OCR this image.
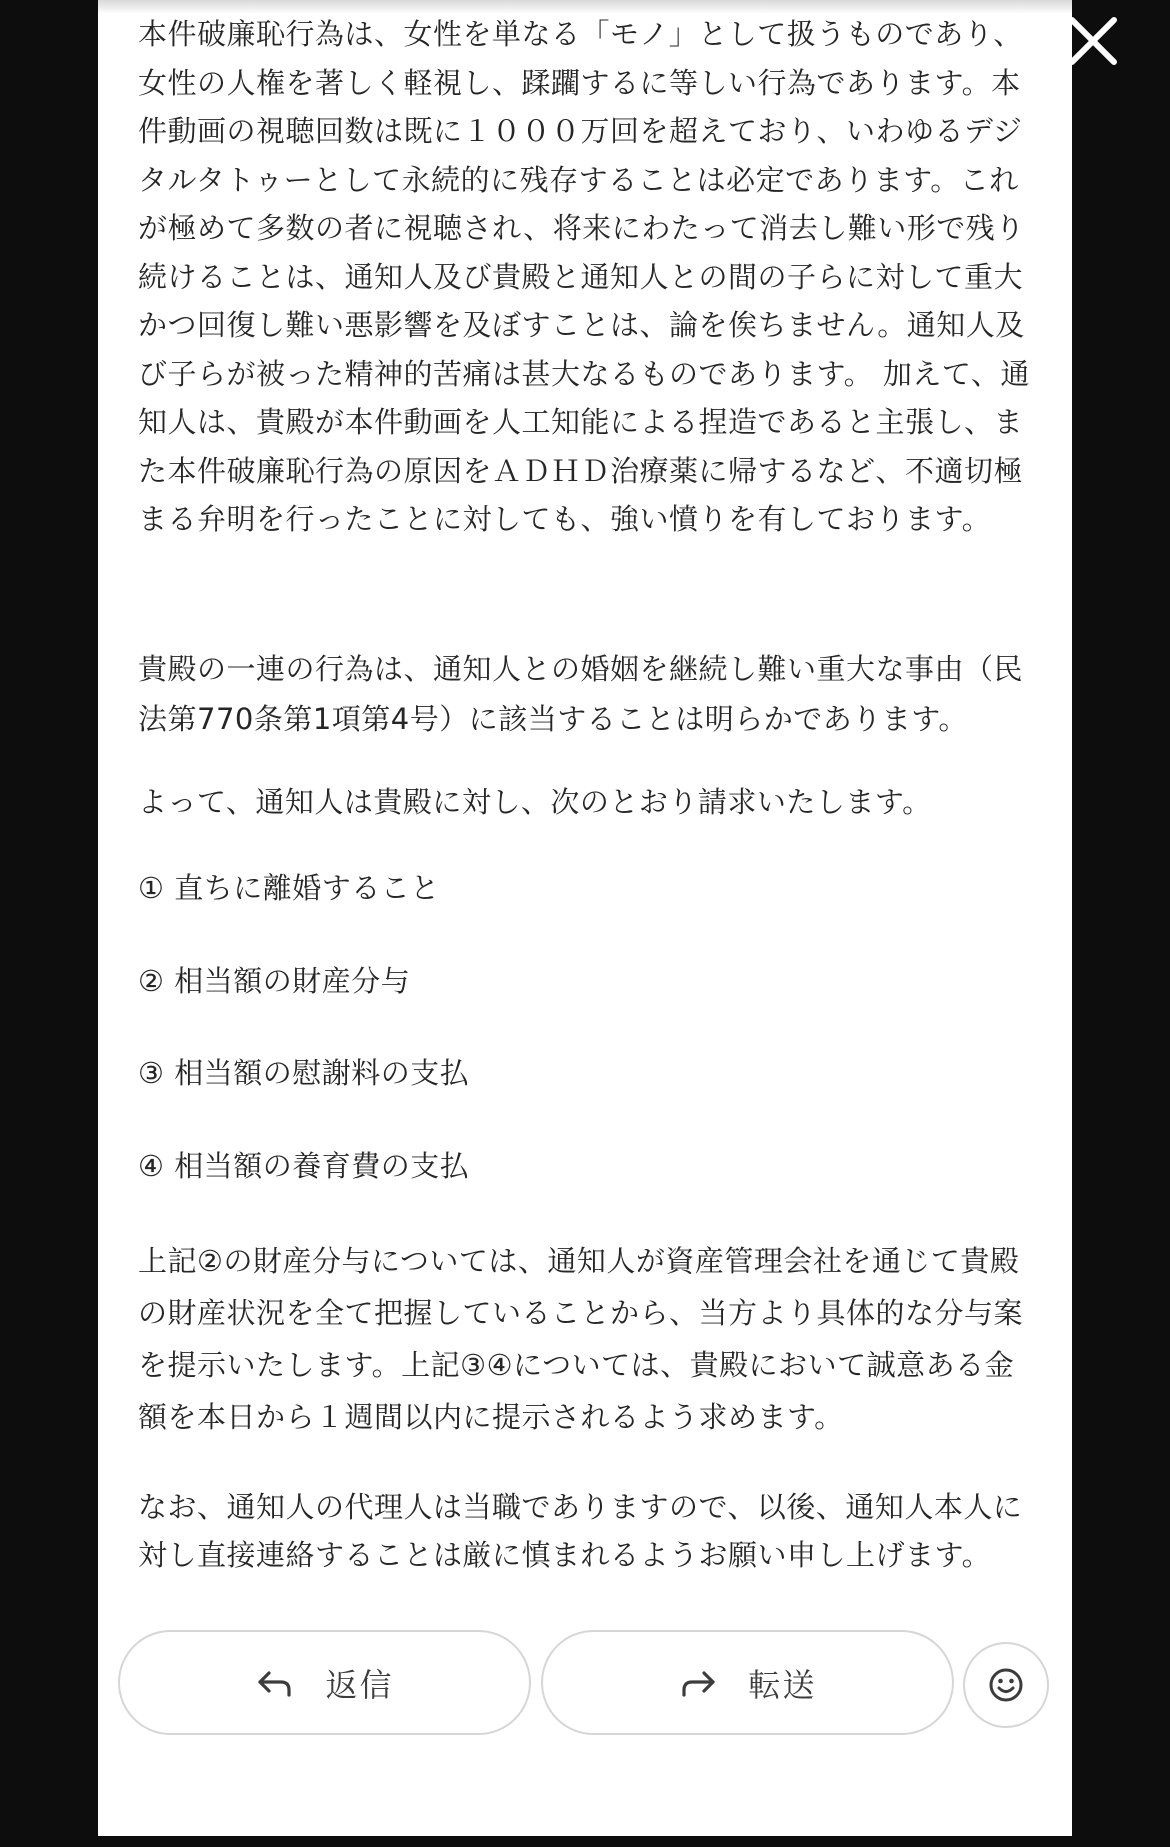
本件破廉恥行為は、女性を単なる「モノ」として扱うものであり、
女性の人権を著しく軽視し、蹂躙するに等しい行為であります。本
件動画の視聴回数は既に１０００万回を超えており、いわゆるデジ
タルタトゥーとして永続的に残存することは必定であります。これ
が極めて多数の者に視聴され、将来にわたって消去し難い形で残り
続けることは、通知人及び貴殿と通知人との間の子らに対して重大
かつ回復し難い悪影響を及ぼすことは、論を俟ちません。通知人及
び子らが被った精神的苦痛は甚大なるものであります。 加えて、通
知人は、貴殿が本件動画を人工知能による捏造であると主張し、ま
た本件破廉恥行為の原因をＡＤＨＤ治療薬に帰するなど、不適切極
まる弁明を行ったことに対しても、強い憤りを有しております。

貴殿の一連の行為は、通知人との婚姻を継続し難い重大な事由（民
法第770条第1項第4号）に該当することは明らかであります。

よって、通知人は貴殿に対し、次のとおり請求いたします。

① 直ちに離婚すること

② 相当額の財産分与

③ 相当額の慰謝料の支払

④ 相当額の養育費の支払

上記②の財産分与については、通知人が資産管理会社を通じて貴殿
の財産状況を全て把握していることから、当方より具体的な分与案
を提示いたします。上記③④については、貴殿において誠意ある金
額を本日から１週間以内に提示されるよう求めます。

なお、通知人の代理人は当職でありますので、以後、通知人本人に
対し直接連絡することは厳に慎まれるようお願い申し上げます。

返信	転送
